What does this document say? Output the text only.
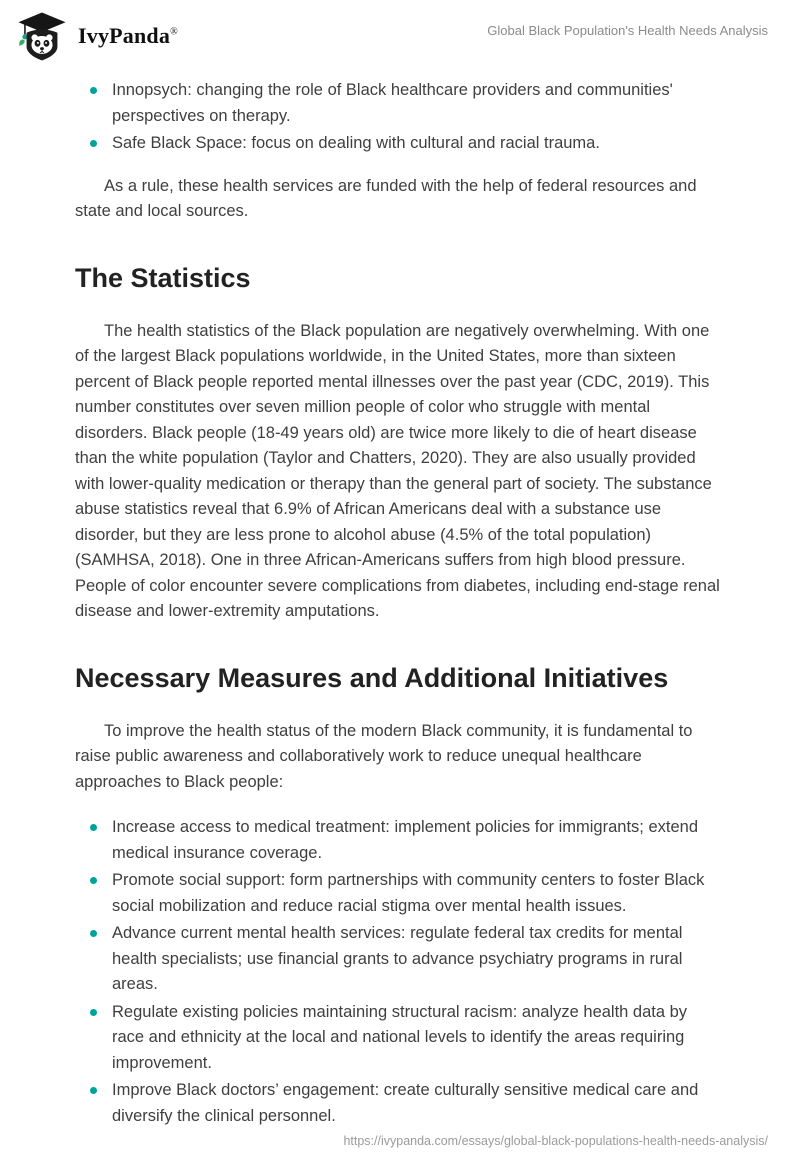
IvyPanda®	Global Black Population's Health Needs Analysis
Innopsych: changing the role of Black healthcare providers and communities' perspectives on therapy.
Safe Black Space: focus on dealing with cultural and racial trauma.

As a rule, these health services are funded with the help of federal resources and state and local sources.

The Statistics

The health statistics of the Black population are negatively overwhelming. With one of the largest Black populations worldwide, in the United States, more than sixteen percent of Black people reported mental illnesses over the past year (CDC, 2019). This number constitutes over seven million people of color who struggle with mental disorders. Black people (18-49 years old) are twice more likely to die of heart disease than the white population (Taylor and Chatters, 2020). They are also usually provided with lower-quality medication or therapy than the general part of society. The substance abuse statistics reveal that 6.9% of African Americans deal with a substance use disorder, but they are less prone to alcohol abuse (4.5% of the total population) (SAMHSA, 2018). One in three African-Americans suffers from high blood pressure. People of color encounter severe complications from diabetes, including end-stage renal disease and lower-extremity amputations.

Necessary Measures and Additional Initiatives

To improve the health status of the modern Black community, it is fundamental to raise public awareness and collaboratively work to reduce unequal healthcare approaches to Black people:

Increase access to medical treatment: implement policies for immigrants; extend medical insurance coverage.
Promote social support: form partnerships with community centers to foster Black social mobilization and reduce racial stigma over mental health issues.
Advance current mental health services: regulate federal tax credits for mental health specialists; use financial grants to advance psychiatry programs in rural areas.
Regulate existing policies maintaining structural racism: analyze health data by race and ethnicity at the local and national levels to identify the areas requiring improvement.
Improve Black doctors’ engagement: create culturally sensitive medical care and diversify the clinical personnel.
https://ivypanda.com/essays/global-black-populations-health-needs-analysis/
